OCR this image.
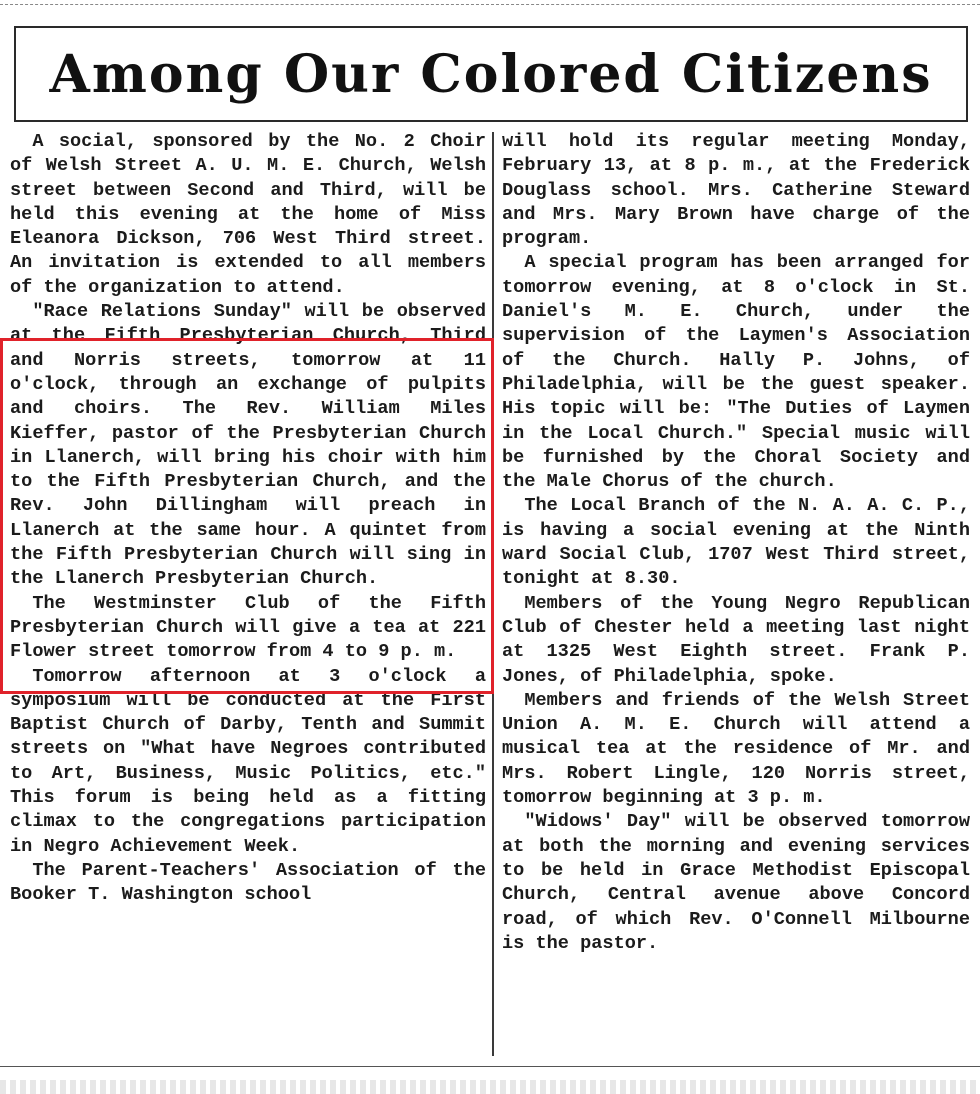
Among Our Colored Citizens

A social, sponsored by the No. 2 Choir of Welsh Street A. U. M. E. Church, Welsh street between Second and Third, will be held this evening at the home of Miss Eleanora Dickson, 706 West Third street. An invitation is extended to all members of the organization to attend.

"Race Relations Sunday" will be observed at the Fifth Presbyterian Church, Third and Norris streets, tomorrow at 11 o'clock, through an exchange of pulpits and choirs. The Rev. William Miles Kieffer, pastor of the Presbyterian Church in Llanerch, will bring his choir with him to the Fifth Presbyterian Church, and the Rev. John Dillingham will preach in Llanerch at the same hour. A quintet from the Fifth Presbyterian Church will sing in the Llanerch Presbyterian Church.

The Westminster Club of the Fifth Presbyterian Church will give a tea at 221 Flower street tomorrow from 4 to 9 p. m.

Tomorrow afternoon at 3 o'clock a symposium will be conducted at the First Baptist Church of Darby, Tenth and Summit streets on "What have Negroes contributed to Art, Business, Music Politics, etc." This forum is being held as a fitting climax to the congregations participation in Negro Achievement Week.

The Parent-Teachers' Association of the Booker T. Washington school

will hold its regular meeting Monday, February 13, at 8 p. m., at the Frederick Douglass school. Mrs. Catherine Steward and Mrs. Mary Brown have charge of the program.

A special program has been arranged for tomorrow evening, at 8 o'clock in St. Daniel's M. E. Church, under the supervision of the Laymen's Association of the Church. Hally P. Johns, of Philadelphia, will be the guest speaker. His topic will be: "The Duties of Laymen in the Local Church." Special music will be furnished by the Choral Society and the Male Chorus of the church.

The Local Branch of the N. A. A. C. P., is having a social evening at the Ninth ward Social Club, 1707 West Third street, tonight at 8.30.

Members of the Young Negro Republican Club of Chester held a meeting last night at 1325 West Eighth street. Frank P. Jones, of Philadelphia, spoke.

Members and friends of the Welsh Street Union A. M. E. Church will attend a musical tea at the residence of Mr. and Mrs. Robert Lingle, 120 Norris street, tomorrow beginning at 3 p. m.

"Widows' Day" will be observed tomorrow at both the morning and evening services to be held in Grace Methodist Episcopal Church, Central avenue above Concord road, of which Rev. O'Connell Milbourne is the pastor.
